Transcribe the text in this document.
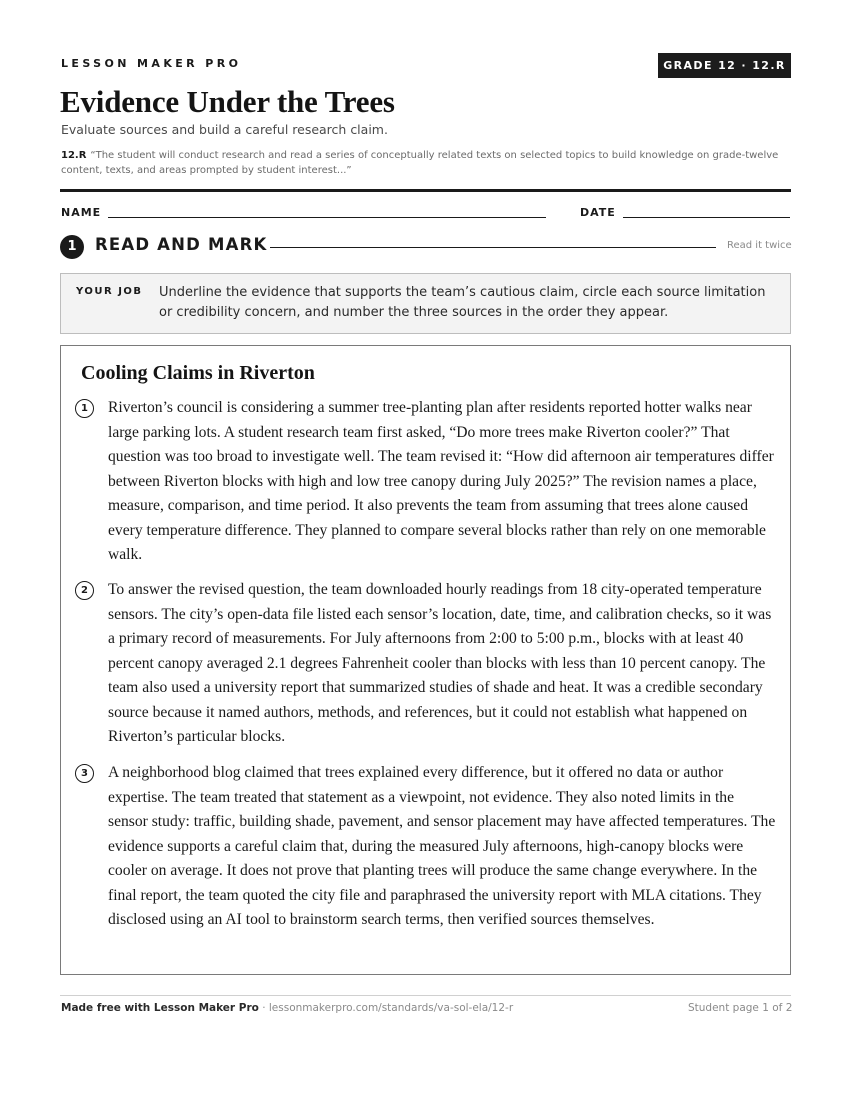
LESSON MAKER PRO	GRADE 12 · 12.R
Evidence Under the Trees
Evaluate sources and build a careful research claim.
12.R “The student will conduct research and read a series of conceptually related texts on selected topics to build knowledge on grade-twelve content, texts, and areas prompted by student interest...”
NAME	DATE
1	READ AND MARK	Read it twice
YOUR JOB Underline the evidence that supports the team’s cautious claim, circle each source limitation or credibility concern, and number the three sources in the order they appear.
Cooling Claims in Riverton
1	Riverton’s council is considering a summer tree-planting plan after residents reported hotter walks near large parking lots. A student research team first asked, “Do more trees make Riverton cooler?” That question was too broad to investigate well. The team revised it: “How did afternoon air temperatures differ between Riverton blocks with high and low tree canopy during July 2025?” The revision names a place, measure, comparison, and time period. It also prevents the team from assuming that trees alone caused every temperature difference. They planned to compare several blocks rather than rely on one memorable walk.

2	To answer the revised question, the team downloaded hourly readings from 18 city-operated temperature sensors. The city’s open-data file listed each sensor’s location, date, time, and calibration checks, so it was a primary record of measurements. For July afternoons from 2:00 to 5:00 p.m., blocks with at least 40 percent canopy averaged 2.1 degrees Fahrenheit cooler than blocks with less than 10 percent canopy. The team also used a university report that summarized studies of shade and heat. It was a credible secondary source because it named authors, methods, and references, but it could not establish what happened on Riverton’s particular blocks.

3	A neighborhood blog claimed that trees explained every difference, but it offered no data or author expertise. The team treated that statement as a viewpoint, not evidence. They also noted limits in the sensor study: traffic, building shade, pavement, and sensor placement may have affected temperatures. The evidence supports a careful claim that, during the measured July afternoons, high-canopy blocks were cooler on average. It does not prove that planting trees will produce the same change everywhere. In the final report, the team quoted the city file and paraphrased the university report with MLA citations. They disclosed using an AI tool to brainstorm search terms, then verified sources themselves.

Made free with Lesson Maker Pro · lessonmakerpro.com/standards/va-sol-ela/12-r	Student page 1 of 2
